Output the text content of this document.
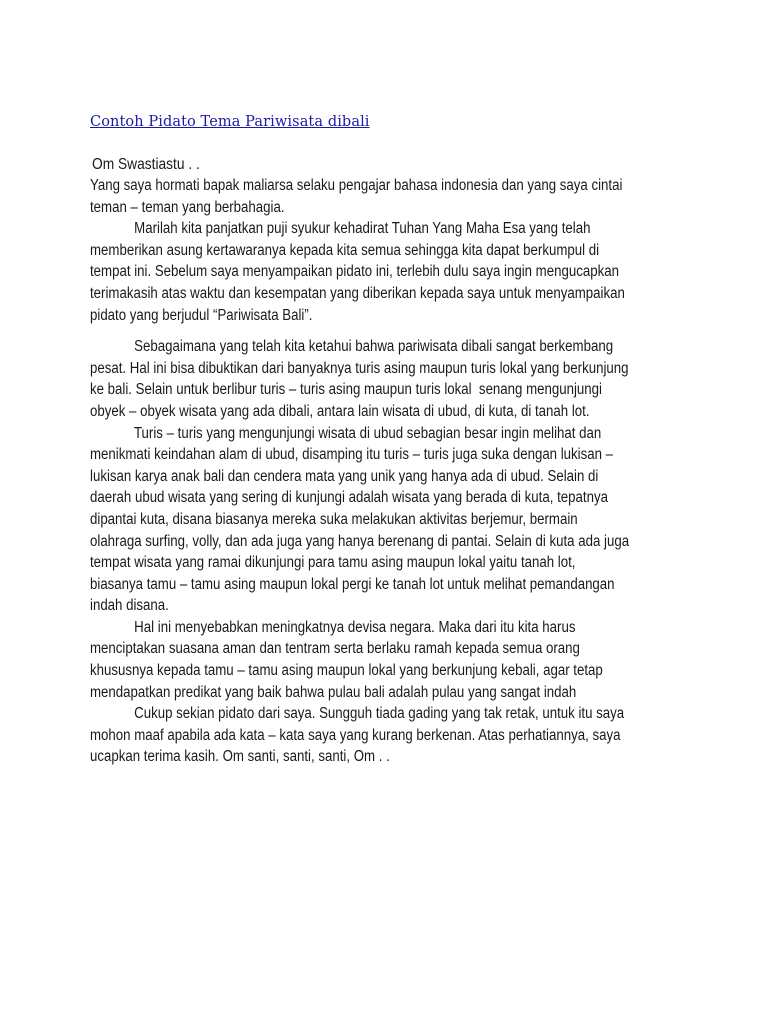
Contoh Pidato Tema Pariwisata dibali
Om Swastiastu . .
Yang saya hormati bapak maliarsa selaku pengajar bahasa indonesia dan yang saya cintai
teman – teman yang berbahagia.
Marilah kita panjatkan puji syukur kehadirat Tuhan Yang Maha Esa yang telah
memberikan asung kertawaranya kepada kita semua sehingga kita dapat berkumpul di
tempat ini. Sebelum saya menyampaikan pidato ini, terlebih dulu saya ingin mengucapkan
terimakasih atas waktu dan kesempatan yang diberikan kepada saya untuk menyampaikan
pidato yang berjudul “Pariwisata Bali”.
Sebagaimana yang telah kita ketahui bahwa pariwisata dibali sangat berkembang
pesat. Hal ini bisa dibuktikan dari banyaknya turis asing maupun turis lokal yang berkunjung
ke bali. Selain untuk berlibur turis – turis asing maupun turis lokal  senang mengunjungi
obyek – obyek wisata yang ada dibali, antara lain wisata di ubud, di kuta, di tanah lot.
Turis – turis yang mengunjungi wisata di ubud sebagian besar ingin melihat dan
menikmati keindahan alam di ubud, disamping itu turis – turis juga suka dengan lukisan –
lukisan karya anak bali dan cendera mata yang unik yang hanya ada di ubud. Selain di
daerah ubud wisata yang sering di kunjungi adalah wisata yang berada di kuta, tepatnya
dipantai kuta, disana biasanya mereka suka melakukan aktivitas berjemur, bermain
olahraga surfing, volly, dan ada juga yang hanya berenang di pantai. Selain di kuta ada juga
tempat wisata yang ramai dikunjungi para tamu asing maupun lokal yaitu tanah lot,
biasanya tamu – tamu asing maupun lokal pergi ke tanah lot untuk melihat pemandangan
indah disana.
Hal ini menyebabkan meningkatnya devisa negara. Maka dari itu kita harus
menciptakan suasana aman dan tentram serta berlaku ramah kepada semua orang
khususnya kepada tamu – tamu asing maupun lokal yang berkunjung kebali, agar tetap
mendapatkan predikat yang baik bahwa pulau bali adalah pulau yang sangat indah
Cukup sekian pidato dari saya. Sungguh tiada gading yang tak retak, untuk itu saya
mohon maaf apabila ada kata – kata saya yang kurang berkenan. Atas perhatiannya, saya
ucapkan terima kasih. Om santi, santi, santi, Om . .
